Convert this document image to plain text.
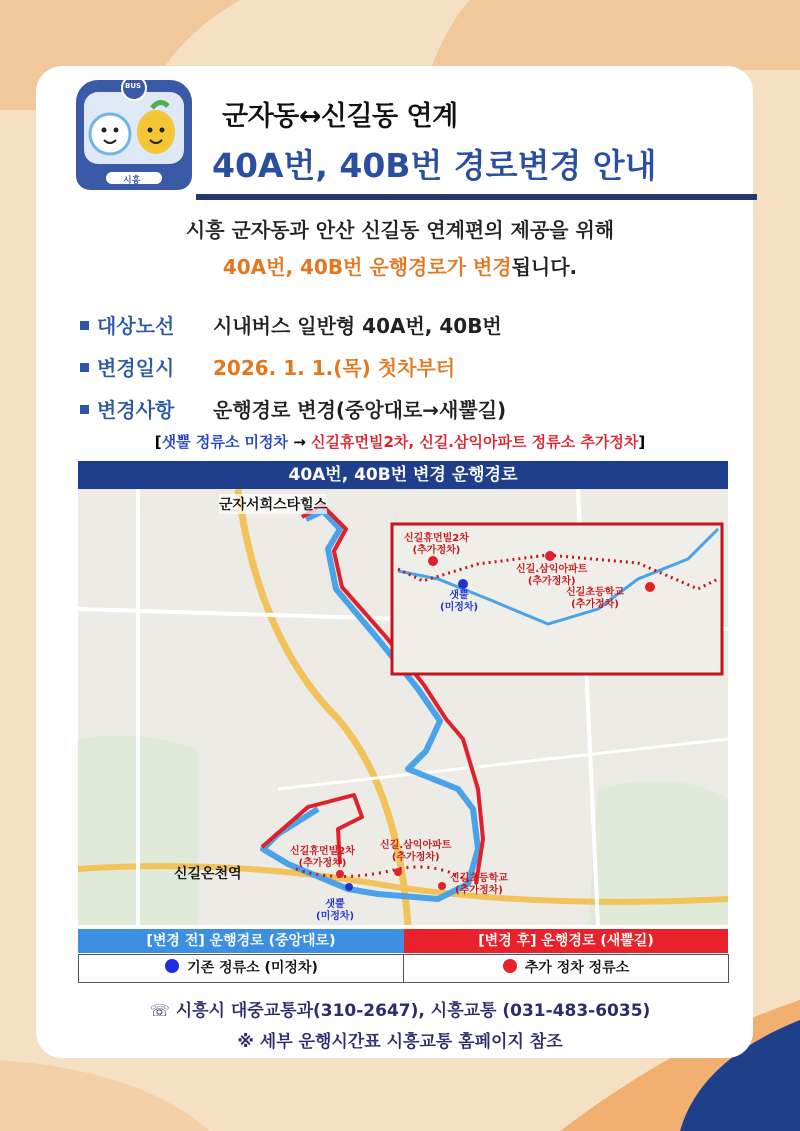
BUS
시흥
군자동↔신길동 연계
40A번, 40B번 경로변경 안내
시흥 군자동과 안산 신길동 연계편의 제공을 위해
40A번, 40B번 운행경로가 변경됩니다.
대상노선 시내버스 일반형 40A번, 40B번
변경일시 2026. 1. 1.(목) 첫차부터
변경사항 운행경로 변경(중앙대로→새뿔길)
[샛뿔 정류소 미정차 → 신길휴먼빌2차, 신길.삼익아파트 정류소 추가정차]
40A번, 40B번 변경 운행경로
군자서희스타힐스
신길온천역
신길휴먼빌2차
(추가정차)
신길.삼익아파트
(추가정차)
신길초등학교
(추가정차)
샛뿔
(미정차)
신길휴먼빌2차
(추가정차)
신길.삼익아파트
(추가정차)
신길초등학교
(추가정차)
샛뿔
(미정차)
[변경 전] 운행경로 (중앙대로)	[변경 후] 운행경로 (새뿔길)
기존 정류소 (미정차)	추가 정차 정류소
☏ 시흥시 대중교통과(310-2647), 시흥교통 (031-483-6035)
※ 세부 운행시간표 시흥교통 홈페이지 참조
